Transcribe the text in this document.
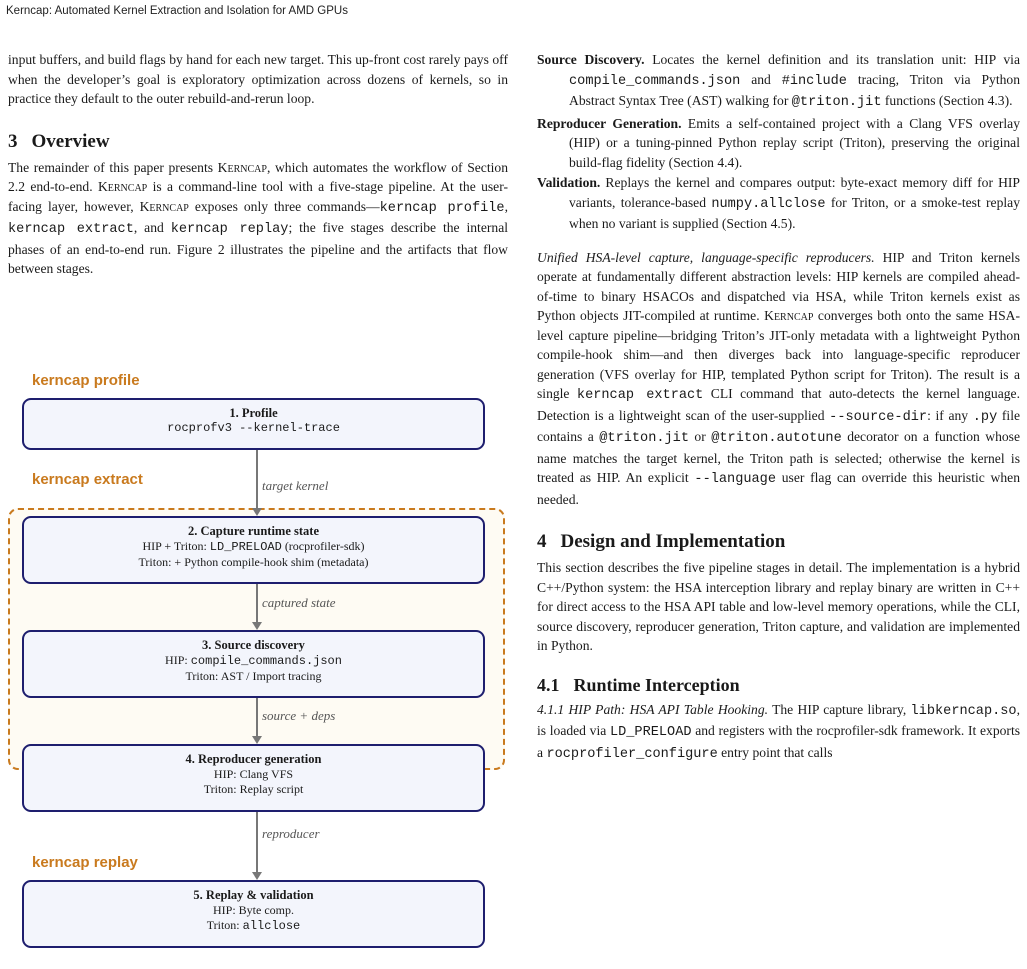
Kerncap: Automated Kernel Extraction and Isolation for AMD GPUs

input buffers, and build flags by hand for each new target. This up-front cost rarely pays off when the developer’s goal is exploratory optimization across dozens of kernels, so in practice they default to the outer rebuild-and-rerun loop.

3 Overview

The remainder of this paper presents Kerncap, which automates the workflow of Section 2.2 end-to-end. Kerncap is a command-line tool with a five-stage pipeline. At the user-facing layer, however, Kerncap exposes only three commands—kerncap profile, kerncap extract, and kerncap replay; the five stages describe the internal phases of an end-to-end run. Figure 2 illustrates the pipeline and the artifacts that flow between stages.

kerncap profile
1. Profile
rocprofv3 --kernel-trace
kerncap extract	target kernel
2. Capture runtime state
HIP + Triton: LD_PRELOAD (rocprofiler-sdk)
Triton: + Python compile-hook shim (metadata)
captured state
3. Source discovery
HIP: compile_commands.json
Triton: AST / Import tracing
source + deps
4. Reproducer generation
HIP: Clang VFS
Triton: Replay script
reproducer
kerncap replay
5. Replay & validation
HIP: Byte comp.
Triton: allclose

Source Discovery. Locates the kernel definition and its translation unit: HIP via compile_commands.json and #include tracing, Triton via Python Abstract Syntax Tree (AST) walking for @triton.jit functions (Section 4.3).

Reproducer Generation. Emits a self-contained project with a Clang VFS overlay (HIP) or a tuning-pinned Python replay script (Triton), preserving the original build-flag fidelity (Section 4.4).

Validation. Replays the kernel and compares output: byte-exact memory diff for HIP variants, tolerance-based numpy.allclose for Triton, or a smoke-test replay when no variant is supplied (Section 4.5).

Unified HSA-level capture, language-specific reproducers. HIP and Triton kernels operate at fundamentally different abstraction levels: HIP kernels are compiled ahead-of-time to binary HSACOs and dispatched via HSA, while Triton kernels exist as Python objects JIT-compiled at runtime. Kerncap converges both onto the same HSA-level capture pipeline—bridging Triton’s JIT-only metadata with a lightweight Python compile-hook shim—and then diverges back into language-specific reproducer generation (VFS overlay for HIP, templated Python script for Triton). The result is a single kerncap extract CLI command that auto-detects the kernel language. Detection is a lightweight scan of the user-supplied --source-dir: if any .py file contains a @triton.jit or @triton.autotune decorator on a function whose name matches the target kernel, the Triton path is selected; otherwise the kernel is treated as HIP. An explicit --language user flag can override this heuristic when needed.

4 Design and Implementation

This section describes the five pipeline stages in detail. The implementation is a hybrid C++/Python system: the HSA interception library and replay binary are written in C++ for direct access to the HSA API table and low-level memory operations, while the CLI, source discovery, reproducer generation, Triton capture, and validation are implemented in Python.

4.1 Runtime Interception

4.1.1 HIP Path: HSA API Table Hooking. The HIP capture library, libkerncap.so, is loaded via LD_PRELOAD and registers with the rocprofiler-sdk framework. It exports a rocprofiler_configure entry point that calls
